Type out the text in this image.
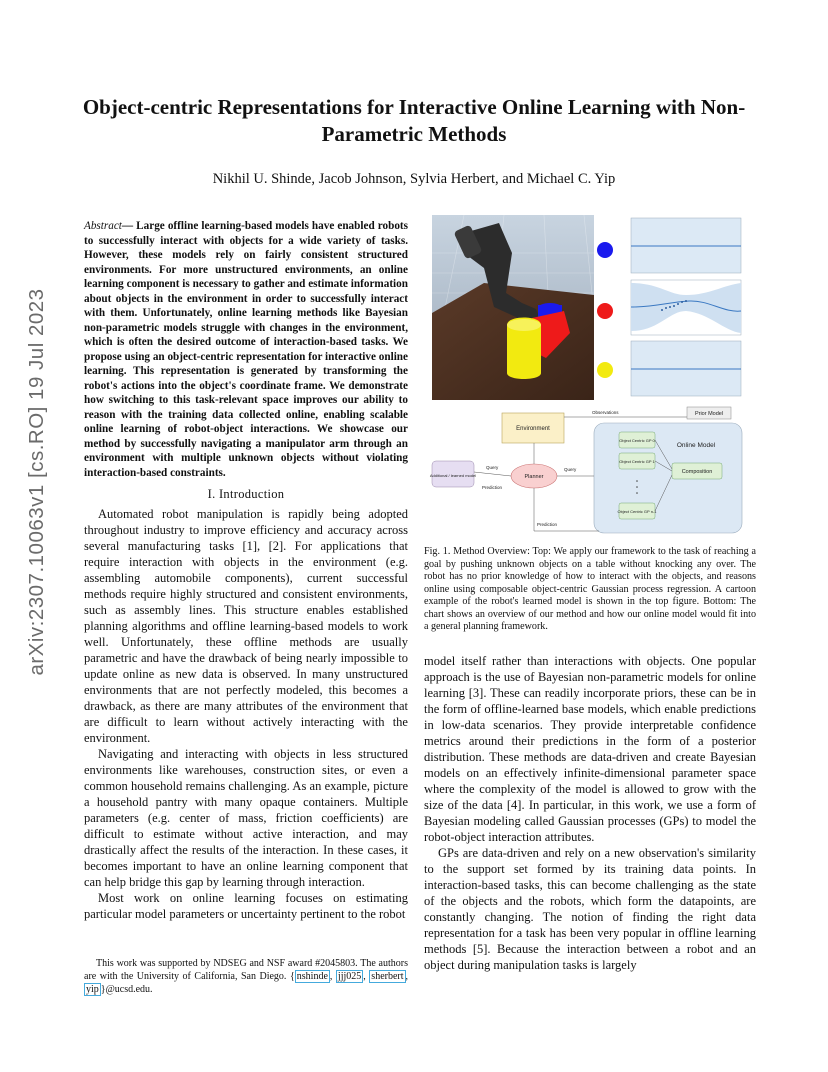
Object-centric Representations for Interactive Online Learning with Non-Parametric Methods
Nikhil U. Shinde, Jacob Johnson, Sylvia Herbert, and Michael C. Yip
arXiv:2307.10063v1 [cs.RO] 19 Jul 2023
Abstract— Large offline learning-based models have enabled robots to successfully interact with objects for a wide variety of tasks. However, these models rely on fairly consistent structured environments. For more unstructured environments, an online learning component is necessary to gather and estimate information about objects in the environment in order to successfully interact with them. Unfortunately, online learning methods like Bayesian non-parametric models struggle with changes in the environment, which is often the desired outcome of interaction-based tasks. We propose using an object-centric representation for interactive online learning. This representation is generated by transforming the robot's actions into the object's coordinate frame. We demonstrate how switching to this task-relevant space improves our ability to reason with the training data collected online, enabling scalable online learning of robot-object interactions. We showcase our method by successfully navigating a manipulator arm through an environment with multiple unknown objects without violating interaction-based constraints.
I. Introduction

Automated robot manipulation is rapidly being adopted throughout industry to improve efficiency and accuracy across several manufacturing tasks [1], [2]. For applications that require interaction with objects in the environment (e.g. assembling automobile components), current successful methods require highly structured and consistent environments, such as assembly lines. This structure enables established planning algorithms and offline learning-based models to work well. Unfortunately, these offline methods are usually parametric and have the drawback of being nearly impossible to update online as new data is observed. In many unstructured environments that are not perfectly modeled, this becomes a drawback, as there are many attributes of the environment that are difficult to learn without actively interacting with the environment.

Navigating and interacting with objects in less structured environments like warehouses, construction sites, or even a common household remains challenging. As an example, picture a household pantry with many opaque containers. Multiple parameters (e.g. center of mass, friction coefficients) are difficult to estimate without active interaction, and may drastically affect the results of the interaction. In these cases, it becomes important to have an online learning component that can help bridge this gap by learning through interaction.

Most work on online learning focuses on estimating particular model parameters or uncertainty pertinent to the robot

This work was supported by NDSEG and NSF award #2045803. The authors are with the University of California, San Diego. { nshinde , jjj025 , sherbert , yip }@ucsd.edu.

Prior Model
Online Model
Object Centric GP 0
Object Centric GP 1
Object Centric GP n-1
Composition
Environment
Planner
Additional / learned model
Observations
Query
Prediction
Query
Prediction
Fig. 1. Method Overview: Top: We apply our framework to the task of reaching a goal by pushing unknown objects on a table without knocking any over. The robot has no prior knowledge of how to interact with the objects, and reasons online using composable object-centric Gaussian process regression. A cartoon example of the robot's learned model is shown in the top figure. Bottom: The chart shows an overview of our method and how our online model would fit into a general planning framework.

model itself rather than interactions with objects. One popular approach is the use of Bayesian non-parametric models for online learning [3]. These can readily incorporate priors, these can be in the form of offline-learned base models, which enable predictions in low-data scenarios. They provide interpretable confidence metrics around their predictions in the form of a posterior distribution. These methods are data-driven and create Bayesian models on an effectively infinite-dimensional parameter space where the complexity of the model is allowed to grow with the size of the data [4]. In particular, in this work, we use a form of Bayesian modeling called Gaussian processes (GPs) to model the robot-object interaction attributes.

GPs are data-driven and rely on a new observation's similarity to the support set formed by its training data points. In interaction-based tasks, this can become challenging as the state of the objects and the robots, which form the datapoints, are constantly changing. The notion of finding the right data representation for a task has been very popular in offline learning methods [5]. Because the interaction between a robot and an object during manipulation tasks is largely
